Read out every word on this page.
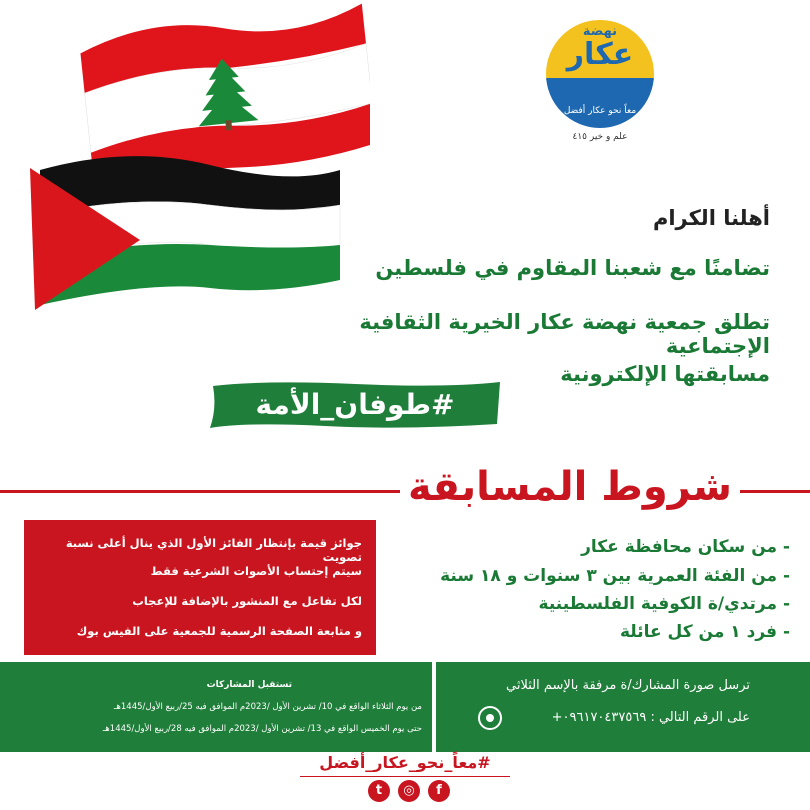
نهضة
عكار
معاً نحو عكار أفضل
علم و خير ٤١٥
أهلنا الكرام
تضامنًا مع شعبنا المقاوم في فلسطين
تطلق جمعية نهضة عكار الخيرية الثقافية الإجتماعية
مسابقتها الإلكترونية
#طوفان_الأمة
شروط المسابقة
جوائز قيمة بإنتظار الفائز الأول الذي ينال أعلى نسبة تصويت
سيتم إحتساب الأصوات الشرعية فقط
لكل تفاعل مع المنشور بالإضافة للإعجاب
و متابعة الصفحة الرسمية للجمعية على الفيس بوك
- من سكان محافظة عكار
- من الفئة العمرية بين ٣ سنوات و ١٨ سنة
- مرتدي/ة الكوفية الفلسطينية
- فرد ١ من كل عائلة
تستقبل المشاركات
من يوم الثلاثاء الواقع في 10/ تشرين الأول /2023م الموافق فيه 25/ربيع الأول/1445هـ
حتى يوم الخميس الواقع في 13/ تشرين الأول /2023م الموافق فيه 28/ربيع الأول/1445هـ
ترسل صورة المشارك/ة مرفقة بالإسم الثلاثي
على الرقم التالي : ٠٩٦١٧٠٤٣٧٥٦٩+
#معاً_نحو_عكار_أفضل
f
◎
t
